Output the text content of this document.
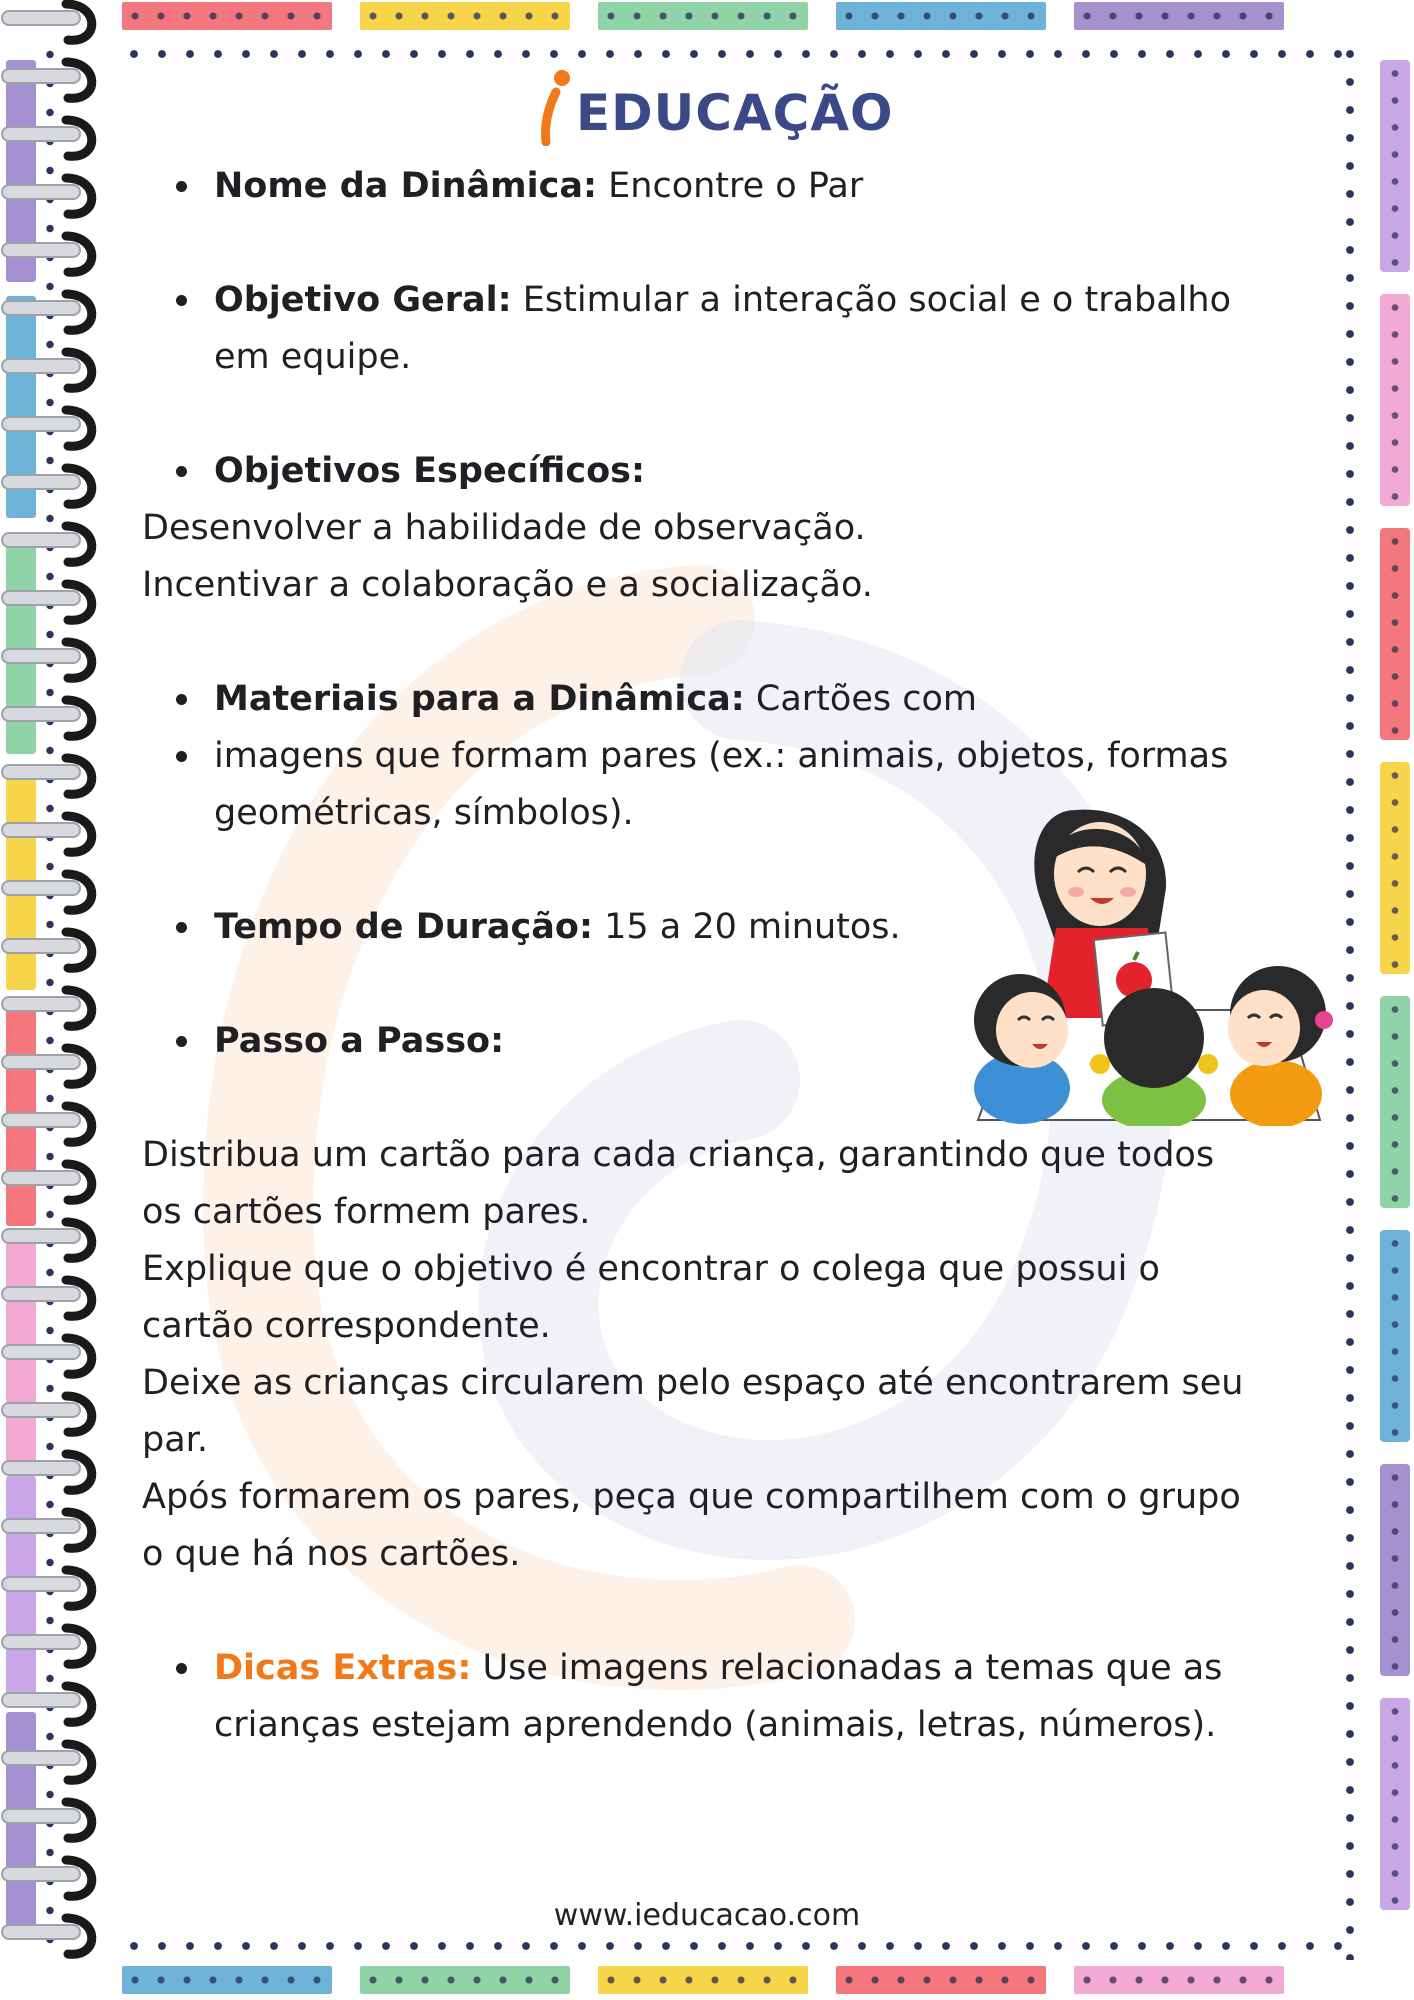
EDUCAÇÃO
Nome da Dinâmica: Encontre o Par
Objetivo Geral: Estimular a interação social e o trabalho
em equipe.
Objetivos Específicos:
Desenvolver a habilidade de observação.
Incentivar a colaboração e a socialização.
Materiais para a Dinâmica: Cartões com
imagens que formam pares (ex.: animais, objetos, formas
geométricas, símbolos).
Tempo de Duração: 15 a 20 minutos.
Passo a Passo:
Distribua um cartão para cada criança, garantindo que todos
os cartões formem pares.
Explique que o objetivo é encontrar o colega que possui o
cartão correspondente.
Deixe as crianças circularem pelo espaço até encontrarem seu
par.
Após formarem os pares, peça que compartilhem com o grupo
o que há nos cartões.
Dicas Extras: Use imagens relacionadas a temas que as
crianças estejam aprendendo (animais, letras, números).
www.ieducacao.com
